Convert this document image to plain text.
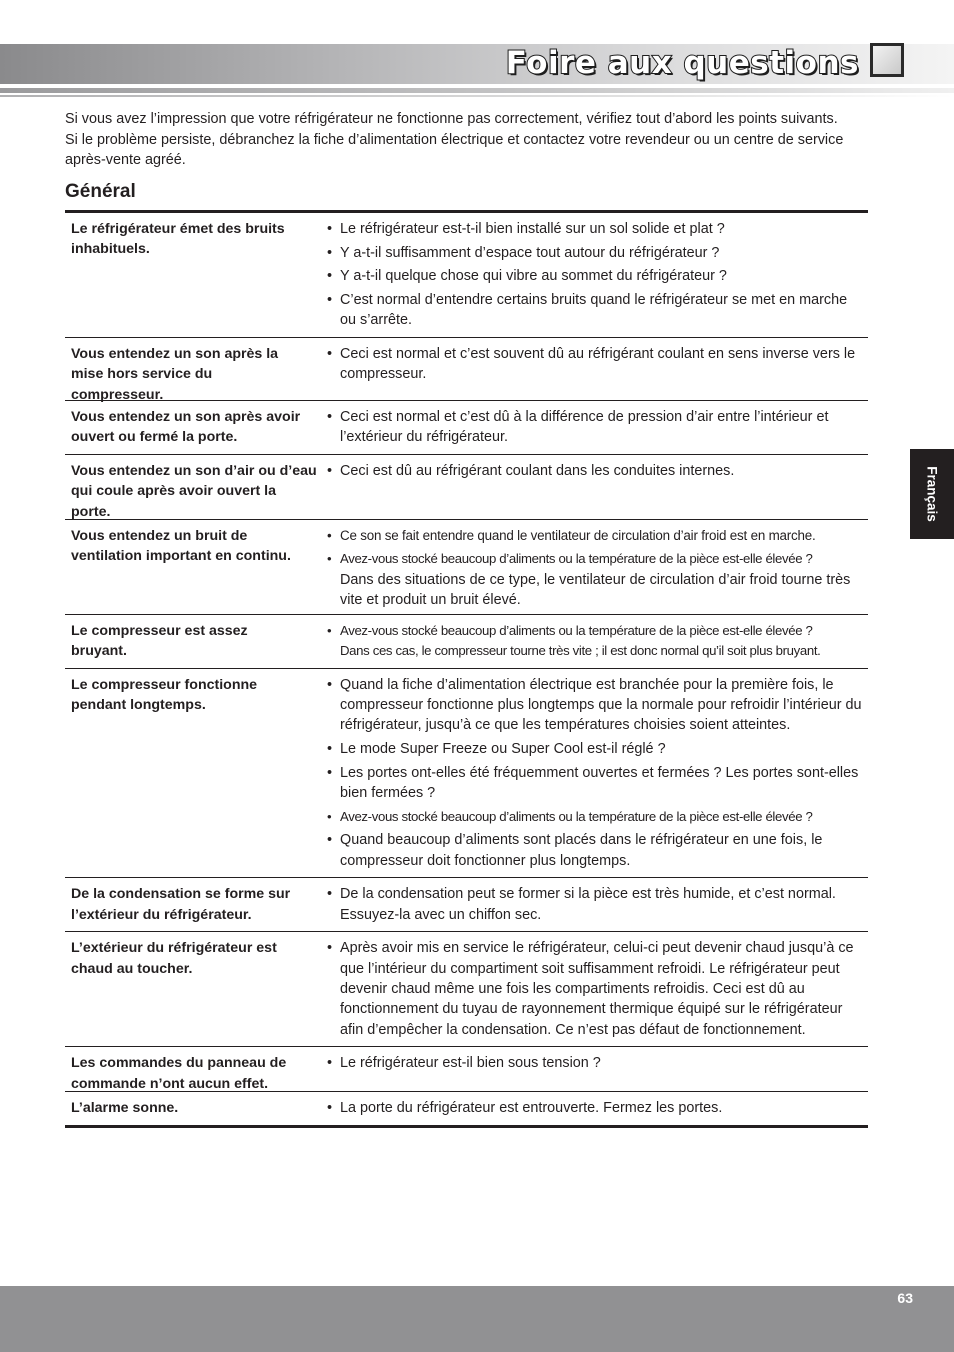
Foire aux questions

Si vous avez l’impression que votre réfrigérateur ne fonctionne pas correctement, vérifiez tout d’abord les points suivants.

Si le problème persiste, débranchez la fiche d’alimentation électrique et contactez votre revendeur ou un centre de service après-vente agréé.

Général
Le réfrigérateur émet des bruits inhabituels.
• Le réfrigérateur est-t-il bien installé sur un sol solide et plat ?
• Y a-t-il suffisamment d’espace tout autour du réfrigérateur ?
• Y a-t-il quelque chose qui vibre au sommet du réfrigérateur ?
• C’est normal d’entendre certains bruits quand le réfrigérateur se met en marche ou s’arrête.

Vous entendez un son après la mise hors service du compresseur.
• Ceci est normal et c’est souvent dû au réfrigérant coulant en sens inverse vers le compresseur.

Vous entendez un son après avoir ouvert ou fermé la porte.
• Ceci est normal et c’est dû à la différence de pression d’air entre l’intérieur et l’extérieur du réfrigérateur.

Vous entendez un son d’air ou d’eau qui coule après avoir ouvert la porte.
• Ceci est dû au réfrigérant coulant dans les conduites internes.

Vous entendez un bruit de ventilation important en continu.
• Ce son se fait entendre quand le ventilateur de circulation d’air froid est en marche.
• Avez-vous stocké beaucoup d’aliments ou la température de la pièce est-elle élevée ?
Dans des situations de ce type, le ventilateur de circulation d’air froid tourne très vite et produit un bruit élevé.

Le compresseur est assez bruyant.
• Avez-vous stocké beaucoup d’aliments ou la température de la pièce est-elle élevée ?
Dans ces cas, le compresseur tourne très vite ; il est donc normal qu’il soit plus bruyant.

Le compresseur fonctionne pendant longtemps.
• Quand la fiche d’alimentation électrique est branchée pour la première fois, le compresseur fonctionne plus longtemps que la normale pour refroidir l’intérieur du réfrigérateur, jusqu’à ce que les températures choisies soient atteintes.
• Le mode Super Freeze ou Super Cool est-il réglé ?
• Les portes ont-elles été fréquemment ouvertes et fermées ? Les portes sont-elles bien fermées ?
• Avez-vous stocké beaucoup d’aliments ou la température de la pièce est-elle élevée ?
• Quand beaucoup d’aliments sont placés dans le réfrigérateur en une fois, le compresseur doit fonctionner plus longtemps.

De la condensation se forme sur l’extérieur du réfrigérateur.
• De la condensation peut se former si la pièce est très humide, et c’est normal. Essuyez-la avec un chiffon sec.

L’extérieur du réfrigérateur est chaud au toucher.
• Après avoir mis en service le réfrigérateur, celui-ci peut devenir chaud jusqu’à ce que l’intérieur du compartiment soit suffisamment refroidi. Le réfrigérateur peut devenir chaud même une fois les compartiments refroidis. Ceci est dû au fonctionnement du tuyau de rayonnement thermique équipé sur le réfrigérateur afin d’empêcher la condensation. Ce n’est pas défaut de fonctionnement.

Les commandes du panneau de commande n’ont aucun effet.
• Le réfrigérateur est-il bien sous tension ?

L’alarme sonne.
•	La porte du réfrigérateur est entrouverte. Fermez les portes.
Français
63
